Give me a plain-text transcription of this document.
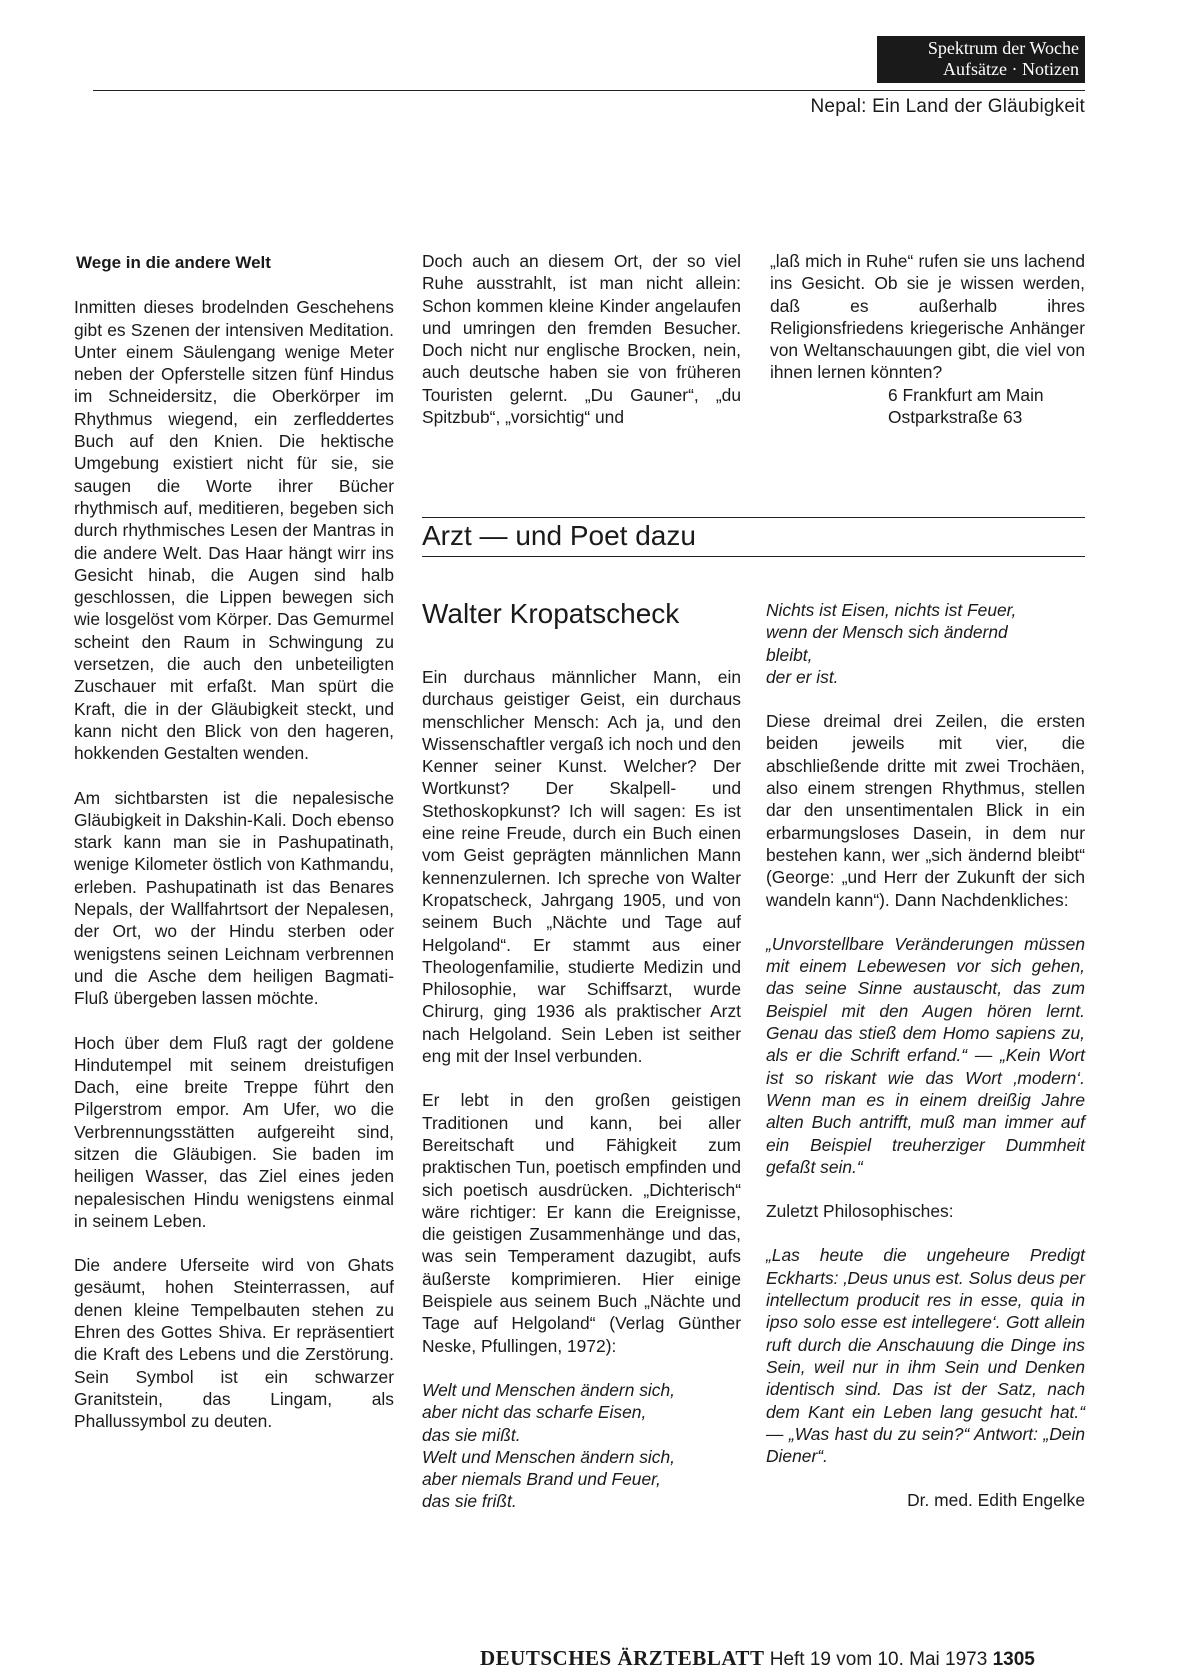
Spektrum der Woche
Aufsätze · Notizen
Nepal: Ein Land der Gläubigkeit
Wege in die andere Welt

Inmitten dieses brodelnden Geschehens gibt es Szenen der intensiven Meditation. Unter einem Säulengang wenige Meter neben der Opferstelle sitzen fünf Hindus im Schneidersitz, die Oberkörper im Rhythmus wiegend, ein zerfleddertes Buch auf den Knien. Die hektische Umgebung existiert nicht für sie, sie saugen die Worte ihrer Bücher rhythmisch auf, meditieren, begeben sich durch rhythmisches Lesen der Mantras in die andere Welt. Das Haar hängt wirr ins Gesicht hinab, die Augen sind halb geschlossen, die Lippen bewegen sich wie losgelöst vom Körper. Das Gemurmel scheint den Raum in Schwingung zu versetzen, die auch den unbeteiligten Zuschauer mit erfaßt. Man spürt die Kraft, die in der Gläubigkeit steckt, und kann nicht den Blick von den hageren, hokkenden Gestalten wenden.

Am sichtbarsten ist die nepalesische Gläubigkeit in Dakshin-Kali. Doch ebenso stark kann man sie in Pashupatinath, wenige Kilometer östlich von Kathmandu, erleben. Pashupatinath ist das Benares Nepals, der Wallfahrtsort der Nepalesen, der Ort, wo der Hindu sterben oder wenigstens seinen Leichnam verbrennen und die Asche dem heiligen Bagmati-Fluß übergeben lassen möchte.

Hoch über dem Fluß ragt der goldene Hindutempel mit seinem dreistufigen Dach, eine breite Treppe führt den Pilgerstrom empor. Am Ufer, wo die Verbrennungsstätten aufgereiht sind, sitzen die Gläubigen. Sie baden im heiligen Wasser, das Ziel eines jeden nepalesischen Hindu wenigstens einmal in seinem Leben.

Die andere Uferseite wird von Ghats gesäumt, hohen Steinterrassen, auf denen kleine Tempelbauten stehen zu Ehren des Gottes Shiva. Er repräsentiert die Kraft des Lebens und die Zerstörung. Sein Symbol ist ein schwarzer Granitstein, das Lingam, als Phallussymbol zu deuten.

Doch auch an diesem Ort, der so viel Ruhe ausstrahlt, ist man nicht allein: Schon kommen kleine Kinder angelaufen und umringen den fremden Besucher. Doch nicht nur englische Brocken, nein, auch deutsche haben sie von früheren Touristen gelernt. „Du Gauner“, „du Spitzbub“, „vorsichtig“ und

„laß mich in Ruhe“ rufen sie uns lachend ins Gesicht. Ob sie je wissen werden, daß es außerhalb ihres Religionsfriedens kriegerische Anhänger von Weltanschauungen gibt, die viel von ihnen lernen könnten?

6 Frankfurt am Main
Ostparkstraße 63
Arzt — und Poet dazu
Walter Kropatscheck

Ein durchaus männlicher Mann, ein durchaus geistiger Geist, ein durchaus menschlicher Mensch: Ach ja, und den Wissenschaftler vergaß ich noch und den Kenner seiner Kunst. Welcher? Der Wortkunst? Der Skalpell- und Stethoskopkunst? Ich will sagen: Es ist eine reine Freude, durch ein Buch einen vom Geist geprägten männlichen Mann kennenzulernen. Ich spreche von Walter Kropatscheck, Jahrgang 1905, und von seinem Buch „Nächte und Tage auf Helgoland“. Er stammt aus einer Theologenfamilie, studierte Medizin und Philosophie, war Schiffsarzt, wurde Chirurg, ging 1936 als praktischer Arzt nach Helgoland. Sein Leben ist seither eng mit der Insel verbunden.

Er lebt in den großen geistigen Traditionen und kann, bei aller Bereitschaft und Fähigkeit zum praktischen Tun, poetisch empfinden und sich poetisch ausdrücken. „Dichterisch“ wäre richtiger: Er kann die Ereignisse, die geistigen Zusammenhänge und das, was sein Temperament dazugibt, aufs äußerste komprimieren. Hier einige Beispiele aus seinem Buch „Nächte und Tage auf Helgoland“ (Verlag Günther Neske, Pfullingen, 1972):

Welt und Menschen ändern sich,
aber nicht das scharfe Eisen,
das sie mißt.
Welt und Menschen ändern sich,
aber niemals Brand und Feuer,
das sie frißt.
Nichts ist Eisen, nichts ist Feuer,
wenn der Mensch sich ändernd
bleibt,
der er ist.

Diese dreimal drei Zeilen, die ersten beiden jeweils mit vier, die abschließende dritte mit zwei Trochäen, also einem strengen Rhythmus, stellen dar den unsentimentalen Blick in ein erbarmungsloses Dasein, in dem nur bestehen kann, wer „sich ändernd bleibt“ (George: „und Herr der Zukunft der sich wandeln kann“). Dann Nachdenkliches:

„Unvorstellbare Veränderungen müssen mit einem Lebewesen vor sich gehen, das seine Sinne austauscht, das zum Beispiel mit den Augen hören lernt. Genau das stieß dem Homo sapiens zu, als er die Schrift erfand.“ — „Kein Wort ist so riskant wie das Wort ‚modern‘. Wenn man es in einem dreißig Jahre alten Buch antrifft, muß man immer auf ein Beispiel treuherziger Dummheit gefaßt sein.“

Zuletzt Philosophisches:

„Las heute die ungeheure Predigt Eckharts: ‚Deus unus est. Solus deus per intellectum producit res in esse, quia in ipso solo esse est intellegere‘. Gott allein ruft durch die Anschauung die Dinge ins Sein, weil nur in ihm Sein und Denken identisch sind. Das ist der Satz, nach dem Kant ein Leben lang gesucht hat.“ — „Was hast du zu sein?“ Antwort: „Dein Diener“.

Dr. med. Edith Engelke
DEUTSCHES ÄRZTEBLATT Heft 19 vom 10. Mai 1973 1305
